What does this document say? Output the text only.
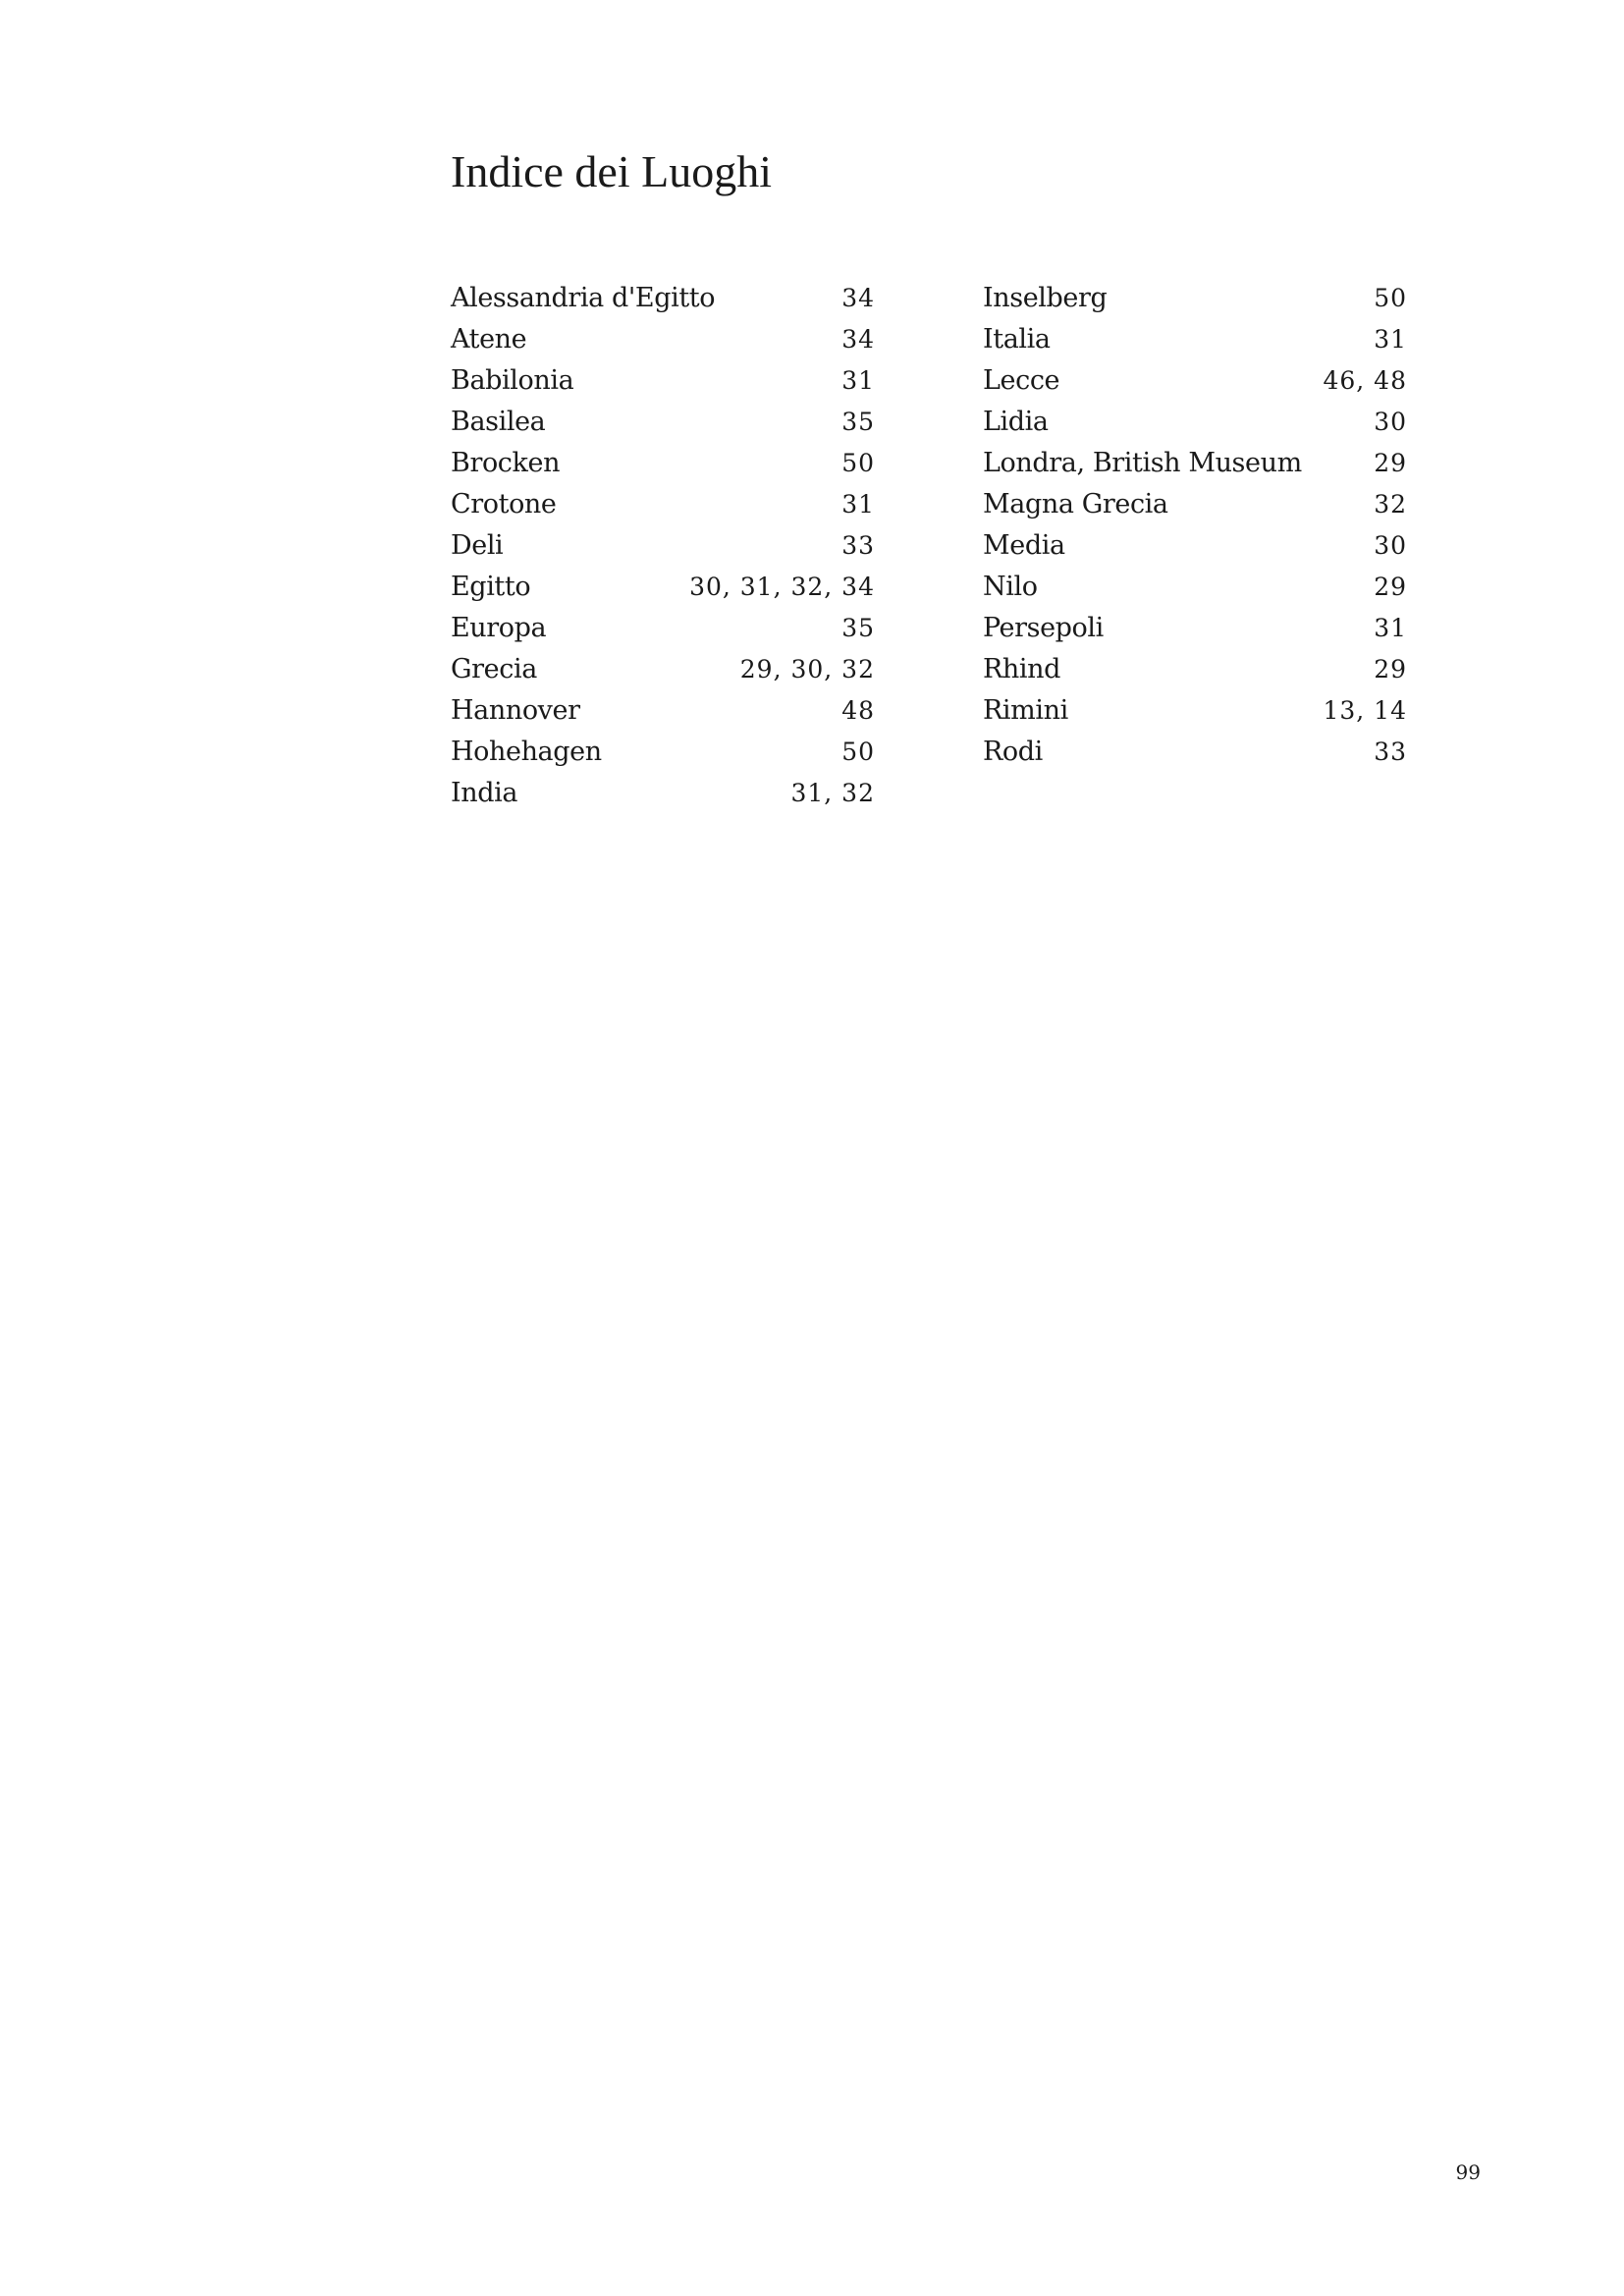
Indice dei Luoghi
Alessandria d'Egitto	34
Atene	34
Babilonia	31
Basilea	35
Brocken	50
Crotone	31
Deli	33
Egitto	30, 31, 32, 34
Europa	35
Grecia	29, 30, 32
Hannover	48
Hohehagen	50
India	31, 32
Inselberg	50
Italia	31
Lecce	46, 48
Lidia	30
Londra, British Museum	29
Magna Grecia	32
Media	30
Nilo	29
Persepoli	31
Rhind	29
Rimini	13, 14
Rodi	33
99
